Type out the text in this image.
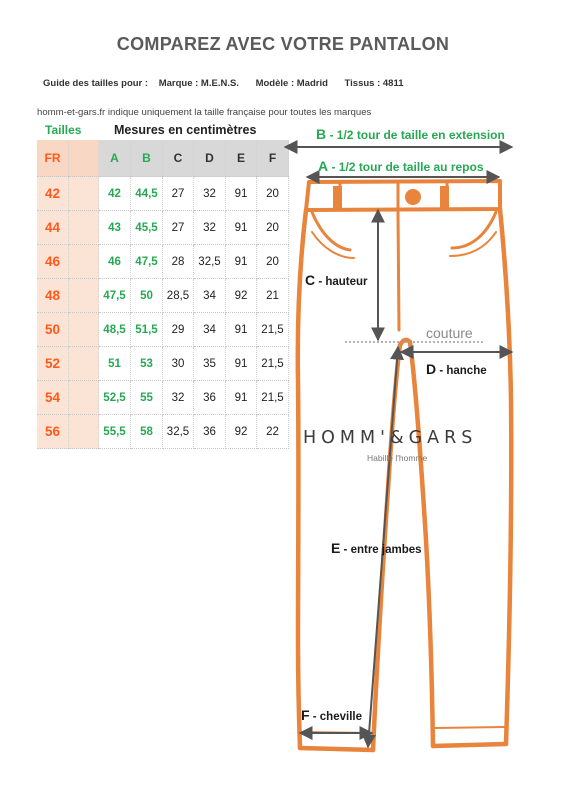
COMPAREZ AVEC VOTRE PANTALON
Guide des tailles pour : Marque : M.E.N.S. Modèle : Madrid Tissus : 4811
homm-et-gars.fr indique uniquement la taille française pour toutes les marques
Tailles	Mesures en centimètres
FR		A	B	C	D	E	F
42		42	44,5	27	32	91	20
44		43	45,5	27	32	91	20
46		46	47,5	28	32,5	91	20
48		47,5	50	28,5	34	92	21
50		48,5	51,5	29	34	91	21,5
52		51	53	30	35	91	21,5
54		52,5	55	32	36	91	21,5
56		55,5	58	32,5	36	92	22
B - 1/2 tour de taille en extension
A - 1/2 tour de taille au repos
C - hauteur
couture
D - hanche
HOMM'&GARS
Habille l'homme
E - entre jambes
F - cheville
